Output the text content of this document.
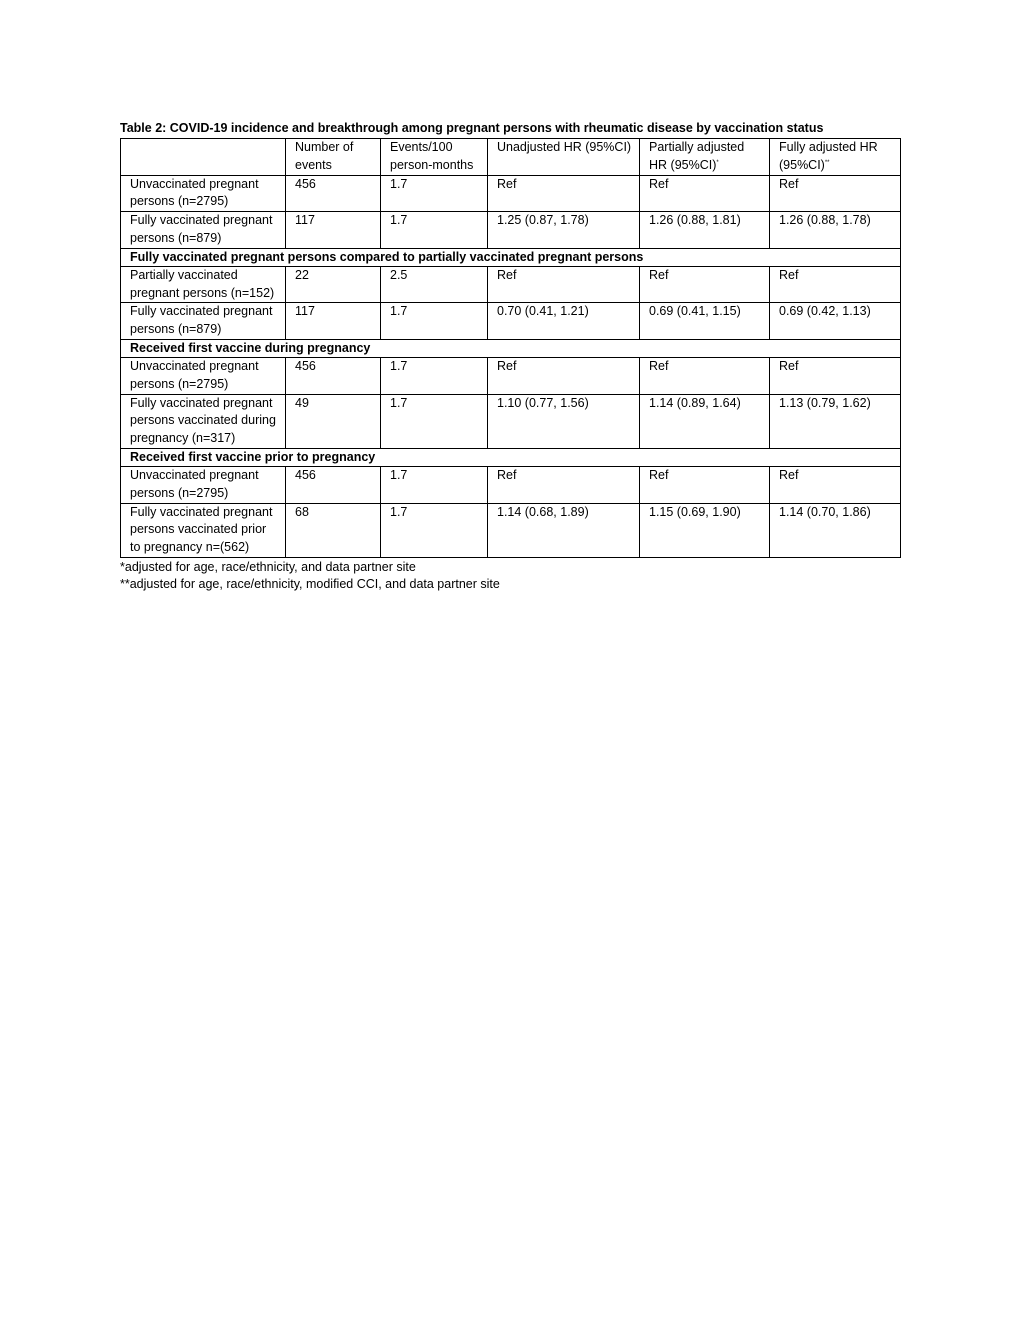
Table 2: COVID-19 incidence and breakthrough among pregnant persons with rheumatic disease by vaccination status
	Number of events	Events/100 person-months	Unadjusted HR (95%CI)	Partially adjusted HR (95%CI)*	Fully adjusted HR (95%CI)**
Unvaccinated pregnant persons (n=2795)	456	1.7	Ref	Ref	Ref
Fully vaccinated pregnant persons (n=879)	117	1.7	1.25 (0.87, 1.78)	1.26 (0.88, 1.81)	1.26 (0.88, 1.78)
Fully vaccinated pregnant persons compared to partially vaccinated pregnant persons					
Partially vaccinated pregnant persons (n=152)	22	2.5	Ref	Ref	Ref
Fully vaccinated pregnant persons (n=879)	117	1.7	0.70 (0.41, 1.21)	0.69 (0.41, 1.15)	0.69 (0.42, 1.13)
Received first vaccine during pregnancy					
Unvaccinated pregnant persons (n=2795)	456	1.7	Ref	Ref	Ref
Fully vaccinated pregnant persons vaccinated during pregnancy (n=317)	49	1.7	1.10 (0.77, 1.56)	1.14 (0.89, 1.64)	1.13 (0.79, 1.62)
Received first vaccine prior to pregnancy					
Unvaccinated pregnant persons (n=2795)	456	1.7	Ref	Ref	Ref
Fully vaccinated pregnant persons vaccinated prior to pregnancy n=(562)	68	1.7	1.14 (0.68, 1.89)	1.15 (0.69, 1.90)	1.14 (0.70, 1.86)
*adjusted for age, race/ethnicity, and data partner site
**adjusted for age, race/ethnicity, modified CCI, and data partner site
